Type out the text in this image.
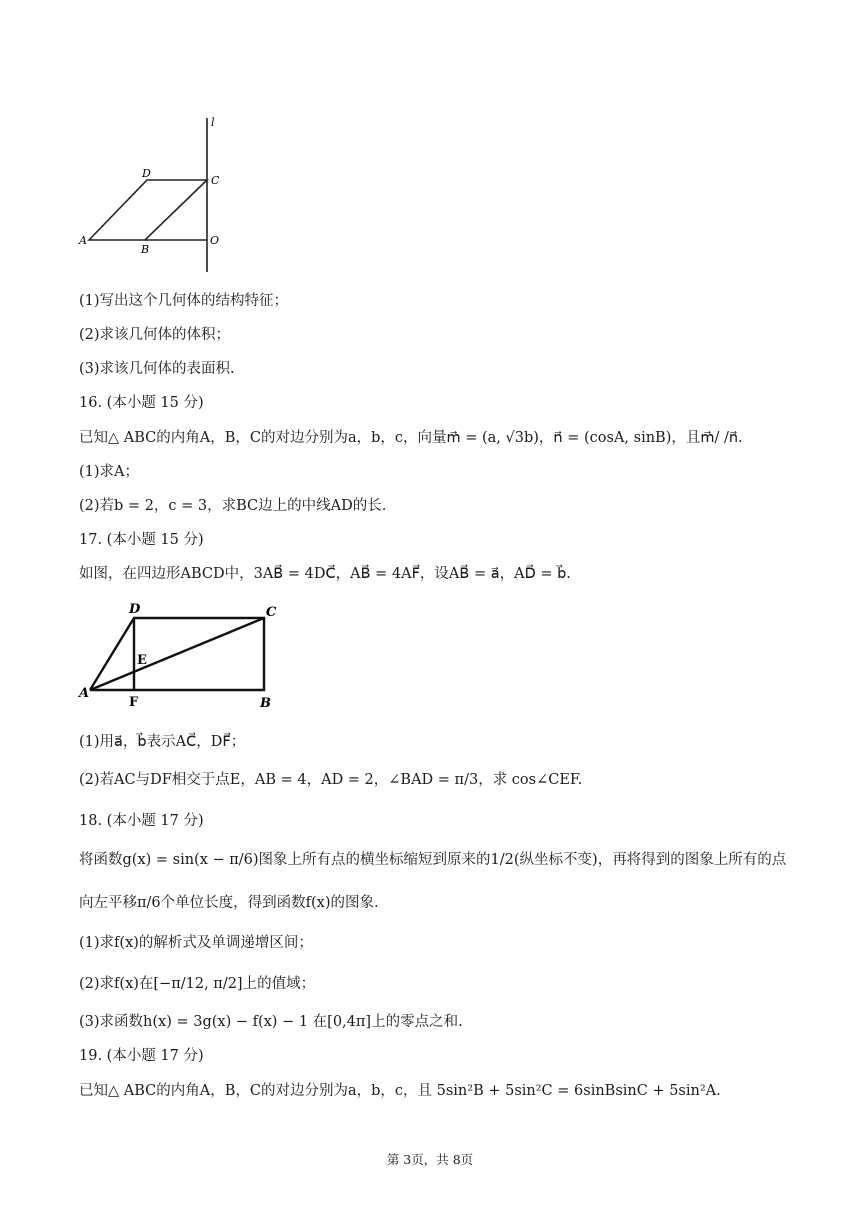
l
D
C
A
B
O
(1)写出这个几何体的结构特征；
(2)求该几何体的体积；
(3)求该几何体的表面积.
16. (本小题 15 分)
已知△ ABC的内角A，B，C的对边分别为a，b，c，向量m⃗ = (a, √3b)，n⃗ = (cosA, sinB)，且m⃗/ /n⃗.
(1)求A；
(2)若b = 2，c = 3，求BC边上的中线AD的长.
17. (本小题 15 分)
如图，在四边形ABCD中，3AB⃗ = 4DC⃗，AB⃗ = 4AF⃗，设AB⃗ = a⃗，AD⃗ = b⃗.
D	C
E
A
F	B
(1)用a⃗，b⃗表示AC⃗，DF⃗；
(2)若AC与DF相交于点E，AB = 4，AD = 2，∠BAD = π/3，求 cos∠CEF.
18. (本小题 17 分)
将函数g(x) = sin(x − π/6)图象上所有点的横坐标缩短到原来的1/2(纵坐标不变)，再将得到的图象上所有的点
向左平移π/6个单位长度，得到函数f(x)的图象.
(1)求f(x)的解析式及单调递增区间；
(2)求f(x)在[−π/12, π/2]上的值域；
(3)求函数h(x) = 3g(x) − f(x) − 1 在[0,4π]上的零点之和.
19. (本小题 17 分)
已知△ ABC的内角A，B，C的对边分别为a，b，c，且 5sin²B + 5sin²C = 6sinBsinC + 5sin²A.
第 3页，共 8页
